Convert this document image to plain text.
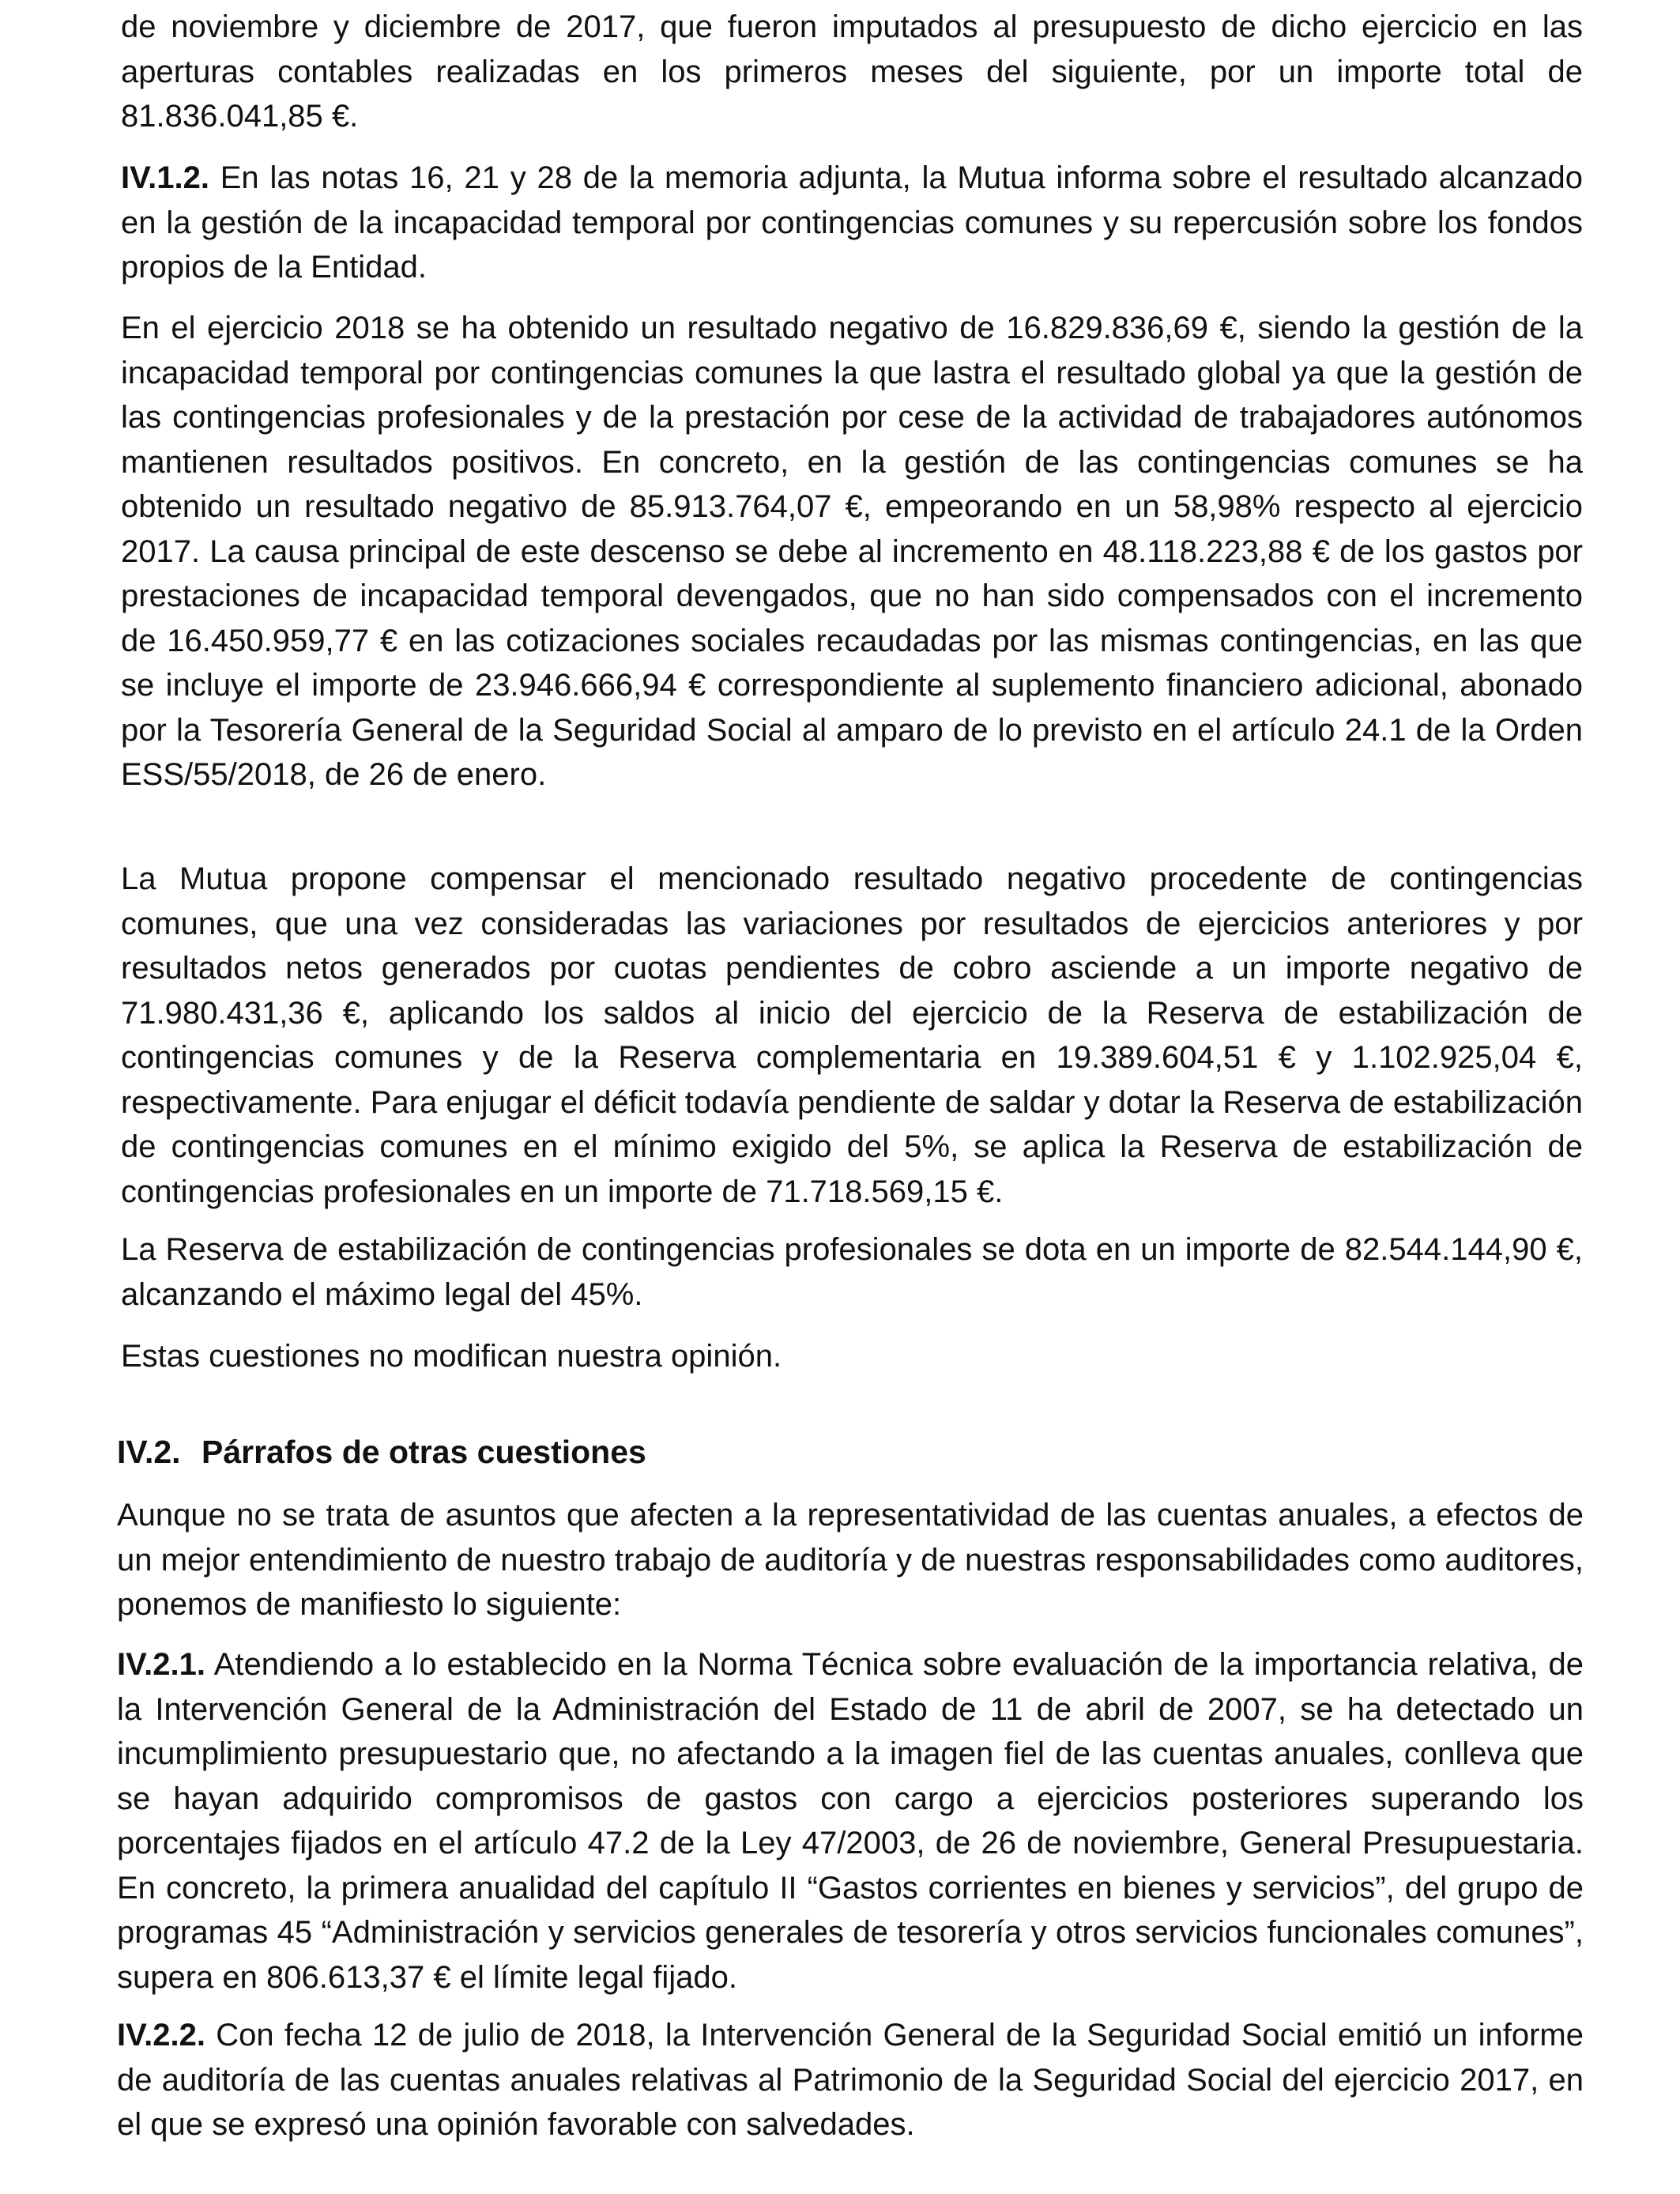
de noviembre y diciembre de 2017, que fueron imputados al presupuesto de dicho ejercicio en las aperturas contables realizadas en los primeros meses del siguiente, por un importe total de 81.836.041,85 €.

IV.1.2. En las notas 16, 21 y 28 de la memoria adjunta, la Mutua informa sobre el resultado alcanzado en la gestión de la incapacidad temporal por contingencias comunes y su repercusión sobre los fondos propios de la Entidad.

En el ejercicio 2018 se ha obtenido un resultado negativo de 16.829.836,69 €, siendo la gestión de la incapacidad temporal por contingencias comunes la que lastra el resultado global ya que la gestión de las contingencias profesionales y de la prestación por cese de la actividad de trabajadores autónomos mantienen resultados positivos. En concreto, en la gestión de las contingencias comunes se ha obtenido un resultado negativo de 85.913.764,07 €, empeorando en un 58,98% respecto al ejercicio 2017. La causa principal de este descenso se debe al incremento en 48.118.223,88 € de los gastos por prestaciones de incapacidad temporal devengados, que no han sido compensados con el incremento de 16.450.959,77 € en las cotizaciones sociales recaudadas por las mismas contingencias, en las que se incluye el importe de 23.946.666,94 € correspondiente al suplemento financiero adicional, abonado por la Tesorería General de la Seguridad Social al amparo de lo previsto en el artículo 24.1 de la Orden ESS/55/2018, de 26 de enero.

La Mutua propone compensar el mencionado resultado negativo procedente de contingencias comunes, que una vez consideradas las variaciones por resultados de ejercicios anteriores y por resultados netos generados por cuotas pendientes de cobro asciende a un importe negativo de 71.980.431,36 €, aplicando los saldos al inicio del ejercicio de la Reserva de estabilización de contingencias comunes y de la Reserva complementaria en 19.389.604,51 € y 1.102.925,04 €, respectivamente. Para enjugar el déficit todavía pendiente de saldar y dotar la Reserva de estabilización de contingencias comunes en el mínimo exigido del 5%, se aplica la Reserva de estabilización de contingencias profesionales en un importe de 71.718.569,15 €.

La Reserva de estabilización de contingencias profesionales se dota en un importe de 82.544.144,90 €, alcanzando el máximo legal del 45%.

Estas cuestiones no modifican nuestra opinión.

IV.2. Párrafos de otras cuestiones

Aunque no se trata de asuntos que afecten a la representatividad de las cuentas anuales, a efectos de un mejor entendimiento de nuestro trabajo de auditoría y de nuestras responsabilidades como auditores, ponemos de manifiesto lo siguiente:

IV.2.1. Atendiendo a lo establecido en la Norma Técnica sobre evaluación de la importancia relativa, de la Intervención General de la Administración del Estado de 11 de abril de 2007, se ha detectado un incumplimiento presupuestario que, no afectando a la imagen fiel de las cuentas anuales, conlleva que se hayan adquirido compromisos de gastos con cargo a ejercicios posteriores superando los porcentajes fijados en el artículo 47.2 de la Ley 47/2003, de 26 de noviembre, General Presupuestaria. En concreto, la primera anualidad del capítulo II “Gastos corrientes en bienes y servicios”, del grupo de programas 45 “Administración y servicios generales de tesorería y otros servicios funcionales comunes”, supera en 806.613,37 € el límite legal fijado.

IV.2.2. Con fecha 12 de julio de 2018, la Intervención General de la Seguridad Social emitió un informe de auditoría de las cuentas anuales relativas al Patrimonio de la Seguridad Social del ejercicio 2017, en el que se expresó una opinión favorable con salvedades.
